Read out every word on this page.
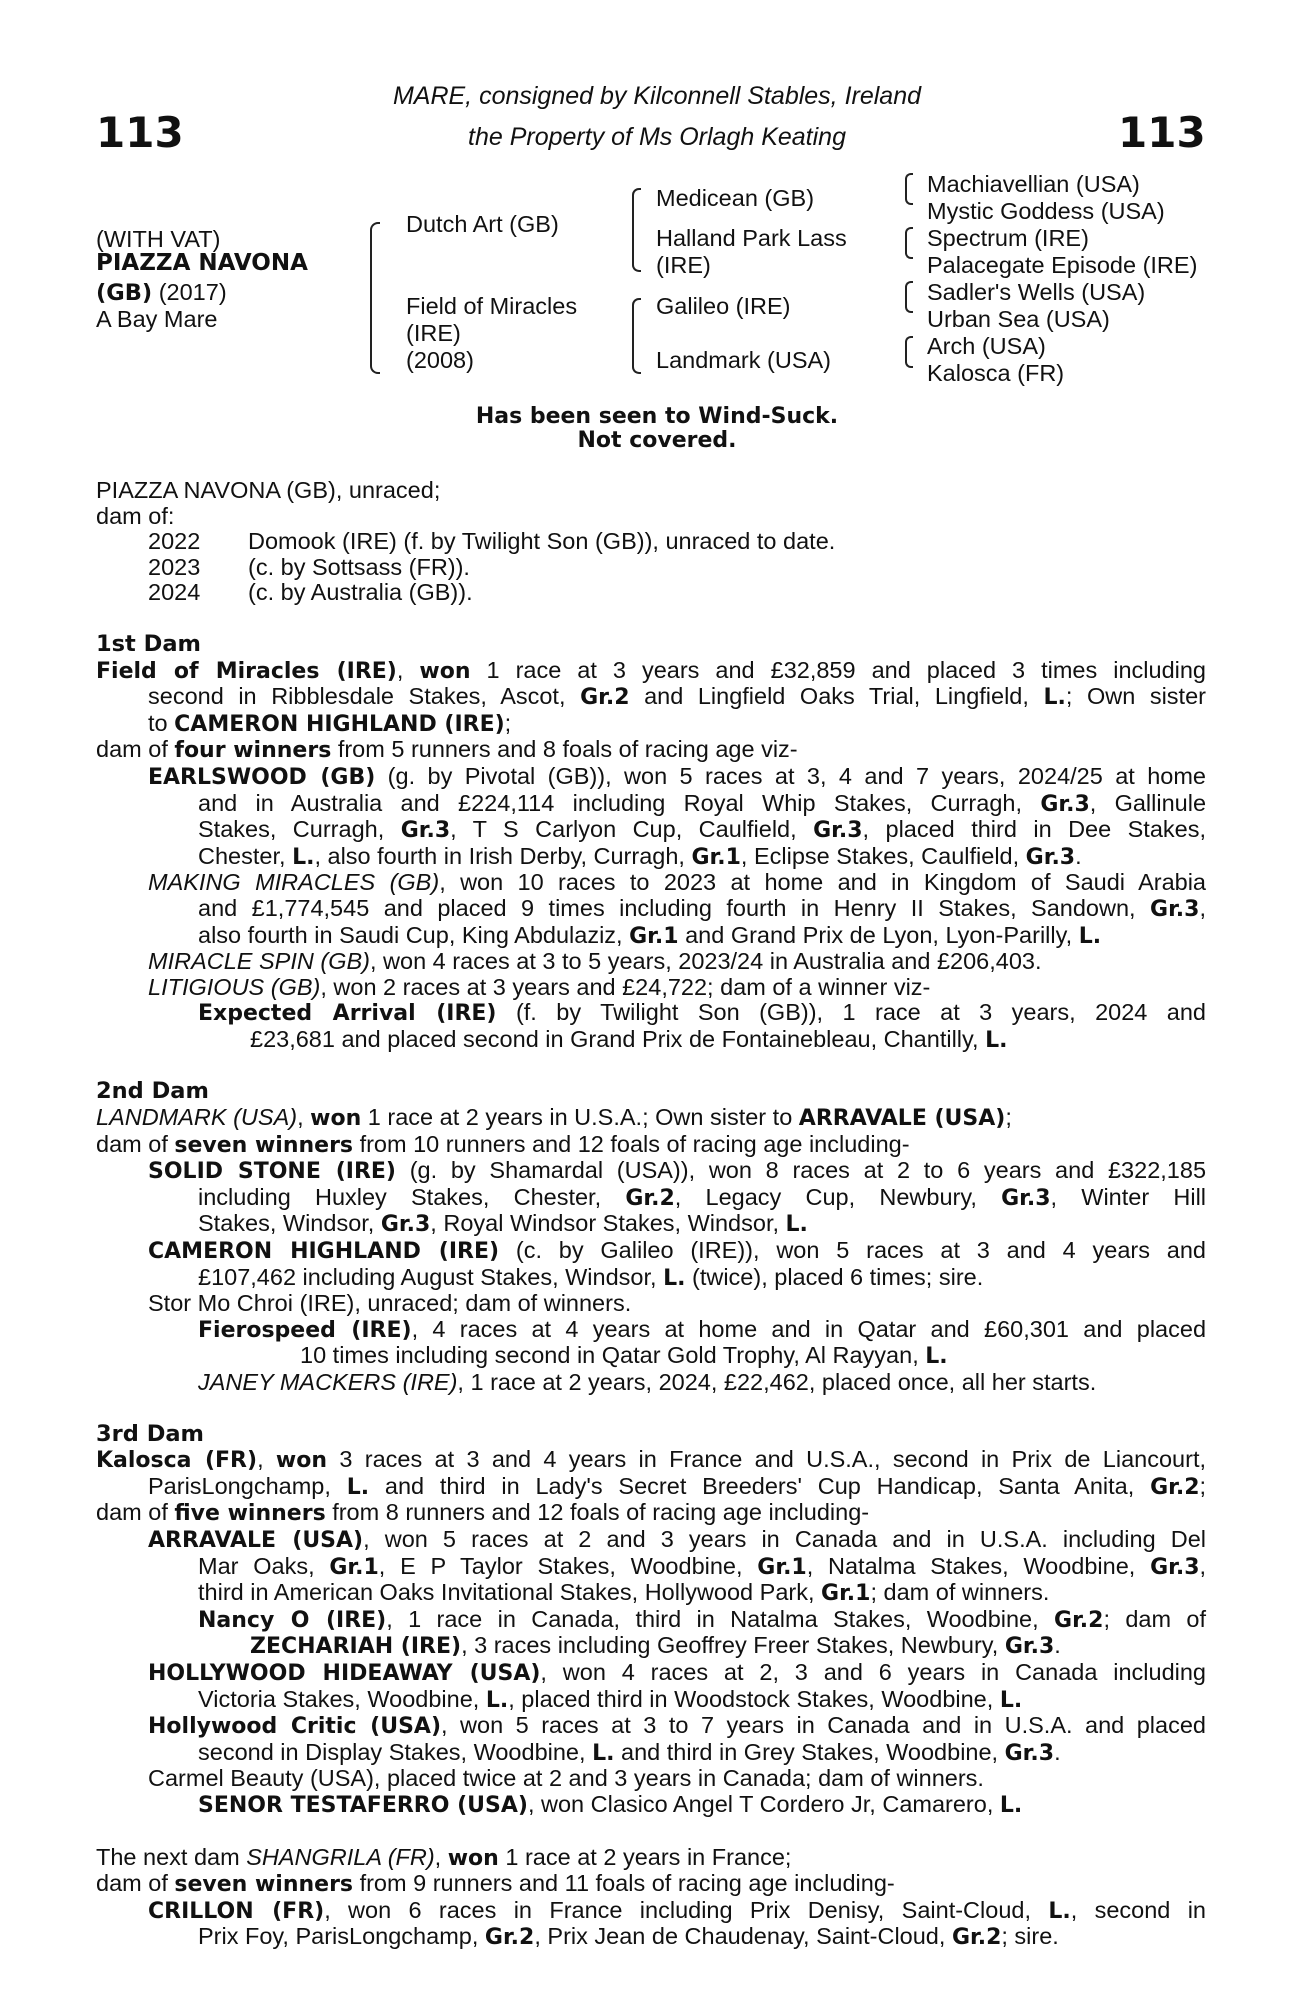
113	113
MARE, consigned by Kilconnell Stables, Ireland
the Property of Ms Orlagh Keating
(WITH VAT)
PIAZZA NAVONA
(GB) (2017)
A Bay Mare
Dutch Art (GB)
Field of Miracles
(IRE)
(2008)
Medicean (GB)
Halland Park Lass
(IRE)
Galileo (IRE)
Landmark (USA)
Machiavellian (USA)
Mystic Goddess (USA)
Spectrum (IRE)
Palacegate Episode (IRE)
Sadler's Wells (USA)
Urban Sea (USA)
Arch (USA)
Kalosca (FR)
Has been seen to Wind-Suck.
Not covered.
PIAZZA NAVONA (GB), unraced;
dam of:
2022 Domook (IRE) (f. by Twilight Son (GB)), unraced to date.
2023 (c. by Sottsass (FR)).
2024 (c. by Australia (GB)).
1st Dam
Field of Miracles (IRE), won 1 race at 3 years and £32,859 and placed 3 times including
second in Ribblesdale Stakes, Ascot, Gr.2 and Lingfield Oaks Trial, Lingfield, L.; Own sister
to CAMERON HIGHLAND (IRE);
dam of four winners from 5 runners and 8 foals of racing age viz-
EARLSWOOD (GB) (g. by Pivotal (GB)), won 5 races at 3, 4 and 7 years, 2024/25 at home
and in Australia and £224,114 including Royal Whip Stakes, Curragh, Gr.3, Gallinule
Stakes, Curragh, Gr.3, T S Carlyon Cup, Caulfield, Gr.3, placed third in Dee Stakes,
Chester, L., also fourth in Irish Derby, Curragh, Gr.1, Eclipse Stakes, Caulfield, Gr.3.
MAKING MIRACLES (GB), won 10 races to 2023 at home and in Kingdom of Saudi Arabia
and £1,774,545 and placed 9 times including fourth in Henry II Stakes, Sandown, Gr.3,
also fourth in Saudi Cup, King Abdulaziz, Gr.1 and Grand Prix de Lyon, Lyon-Parilly, L.
MIRACLE SPIN (GB), won 4 races at 3 to 5 years, 2023/24 in Australia and £206,403.
LITIGIOUS (GB), won 2 races at 3 years and £24,722; dam of a winner viz-
Expected Arrival (IRE) (f. by Twilight Son (GB)), 1 race at 3 years, 2024 and
£23,681 and placed second in Grand Prix de Fontainebleau, Chantilly, L.
2nd Dam
LANDMARK (USA), won 1 race at 2 years in U.S.A.; Own sister to ARRAVALE (USA);
dam of seven winners from 10 runners and 12 foals of racing age including-
SOLID STONE (IRE) (g. by Shamardal (USA)), won 8 races at 2 to 6 years and £322,185
including Huxley Stakes, Chester, Gr.2, Legacy Cup, Newbury, Gr.3, Winter Hill
Stakes, Windsor, Gr.3, Royal Windsor Stakes, Windsor, L.
CAMERON HIGHLAND (IRE) (c. by Galileo (IRE)), won 5 races at 3 and 4 years and
£107,462 including August Stakes, Windsor, L. (twice), placed 6 times; sire.
Stor Mo Chroi (IRE), unraced; dam of winners.
Fierospeed (IRE), 4 races at 4 years at home and in Qatar and £60,301 and placed
10 times including second in Qatar Gold Trophy, Al Rayyan, L.
JANEY MACKERS (IRE), 1 race at 2 years, 2024, £22,462, placed once, all her starts.
3rd Dam
Kalosca (FR), won 3 races at 3 and 4 years in France and U.S.A., second in Prix de Liancourt,
ParisLongchamp, L. and third in Lady's Secret Breeders' Cup Handicap, Santa Anita, Gr.2;
dam of five winners from 8 runners and 12 foals of racing age including-
ARRAVALE (USA), won 5 races at 2 and 3 years in Canada and in U.S.A. including Del
Mar Oaks, Gr.1, E P Taylor Stakes, Woodbine, Gr.1, Natalma Stakes, Woodbine, Gr.3,
third in American Oaks Invitational Stakes, Hollywood Park, Gr.1; dam of winners.
Nancy O (IRE), 1 race in Canada, third in Natalma Stakes, Woodbine, Gr.2; dam of
ZECHARIAH (IRE), 3 races including Geoffrey Freer Stakes, Newbury, Gr.3.
HOLLYWOOD HIDEAWAY (USA), won 4 races at 2, 3 and 6 years in Canada including
Victoria Stakes, Woodbine, L., placed third in Woodstock Stakes, Woodbine, L.
Hollywood Critic (USA), won 5 races at 3 to 7 years in Canada and in U.S.A. and placed
second in Display Stakes, Woodbine, L. and third in Grey Stakes, Woodbine, Gr.3.
Carmel Beauty (USA), placed twice at 2 and 3 years in Canada; dam of winners.
SENOR TESTAFERRO (USA), won Clasico Angel T Cordero Jr, Camarero, L.
The next dam SHANGRILA (FR), won 1 race at 2 years in France;
dam of seven winners from 9 runners and 11 foals of racing age including-
CRILLON (FR), won 6 races in France including Prix Denisy, Saint-Cloud, L., second in
Prix Foy, ParisLongchamp, Gr.2, Prix Jean de Chaudenay, Saint-Cloud, Gr.2; sire.
